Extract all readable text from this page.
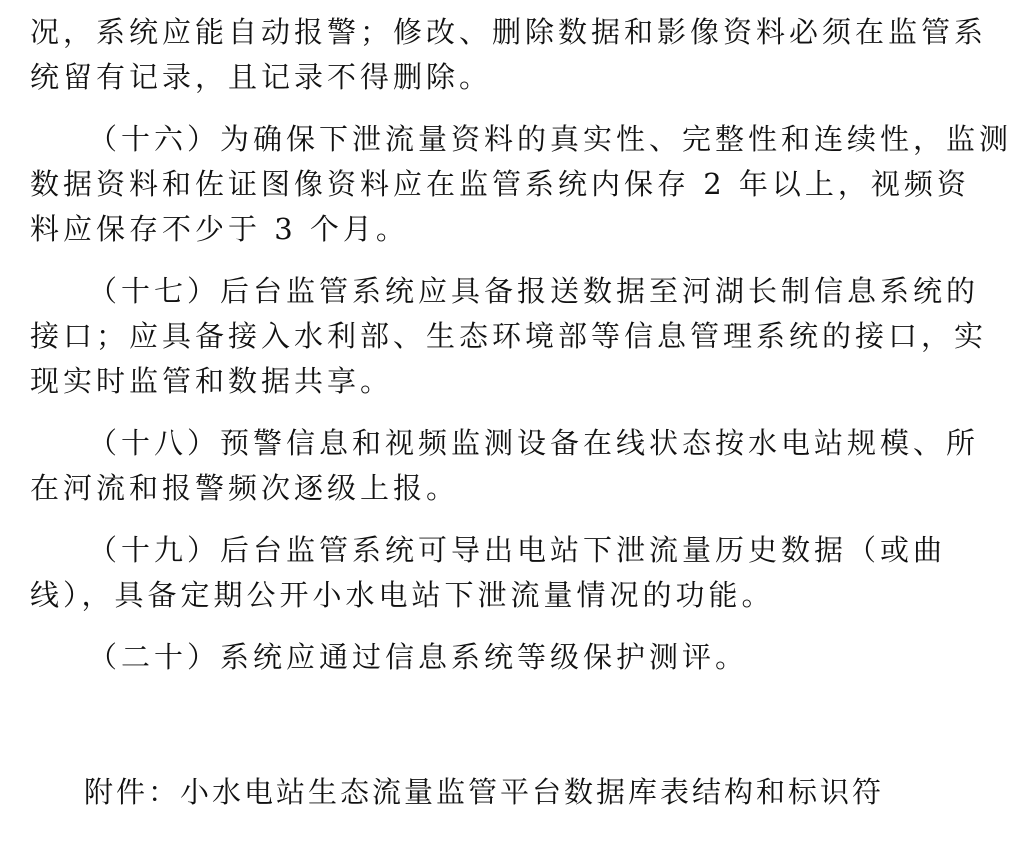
况，系统应能自动报警；修改、删除数据和影像资料必须在监管系
统留有记录，且记录不得删除。

（十六）为确保下泄流量资料的真实性、完整性和连续性，监测
数据资料和佐证图像资料应在监管系统内保存 2 年以上，视频资
料应保存不少于 3 个月。

（十七）后台监管系统应具备报送数据至河湖长制信息系统的
接口；应具备接入水利部、生态环境部等信息管理系统的接口，实
现实时监管和数据共享。

（十八）预警信息和视频监测设备在线状态按水电站规模、所
在河流和报警频次逐级上报。

（十九）后台监管系统可导出电站下泄流量历史数据（或曲
线），具备定期公开小水电站下泄流量情况的功能。

（二十）系统应通过信息系统等级保护测评。

附件：小水电站生态流量监管平台数据库表结构和标识符
